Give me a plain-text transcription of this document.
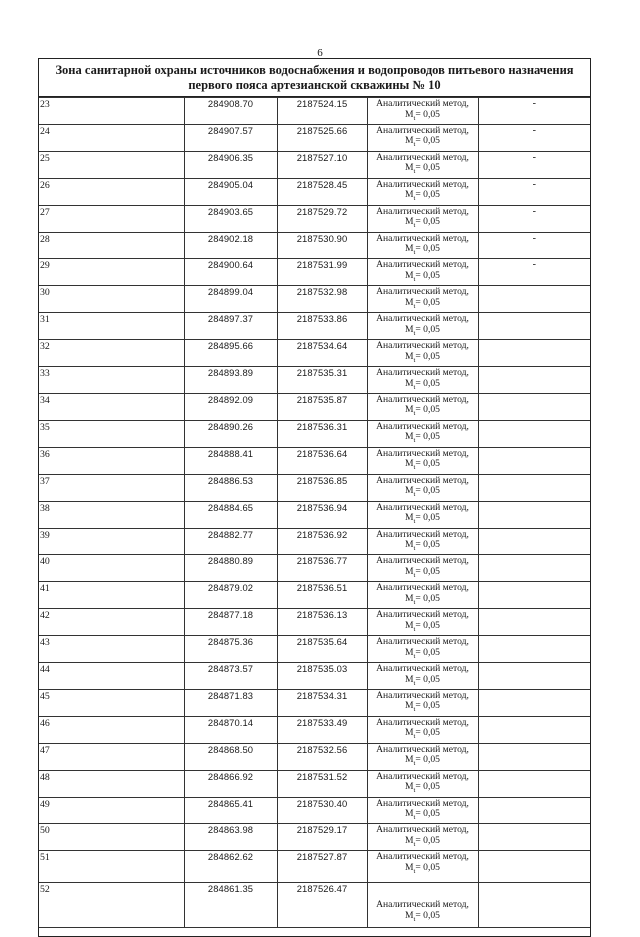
6
Зона санитарной охраны источников водоснабжения и водопроводов питьевого назначения
первого пояса артезианской скважины № 10
23	284908.70	2187524.15	Аналитический метод,
$M_t= 0,05$	-
24	284907.57	2187525.66	Аналитический метод,
$M_t= 0,05$	-
25	284906.35	2187527.10	Аналитический метод,
$M_t= 0,05$	-
26	284905.04	2187528.45	Аналитический метод,
$M_t= 0,05$	-
27	284903.65	2187529.72	Аналитический метод,
$M_t= 0,05$	-
28	284902.18	2187530.90	Аналитический метод,
$M_t= 0,05$	-
29	284900.64	2187531.99	Аналитический метод,
$M_t= 0,05$	-
30	284899.04	2187532.98	Аналитический метод,
$M_t= 0,05$	

31	284897.37	2187533.86	Аналитический метод,
$M_t= 0,05$	

32	284895.66	2187534.64	Аналитический метод,
$M_t= 0,05$	

33	284893.89	2187535.31	Аналитический метод,
$M_t= 0,05$	

34	284892.09	2187535.87	Аналитический метод,
$M_t= 0,05$	

35	284890.26	2187536.31	Аналитический метод,
$M_t= 0,05$	

36	284888.41	2187536.64	Аналитический метод,
$M_t= 0,05$	

37	284886.53	2187536.85	Аналитический метод,
$M_t= 0,05$	

38	284884.65	2187536.94	Аналитический метод,
$M_t= 0,05$	

39	284882.77	2187536.92	Аналитический метод,
$M_t= 0,05$	

40	284880.89	2187536.77	Аналитический метод,
$M_t= 0,05$	

41	284879.02	2187536.51	Аналитический метод,
$M_t= 0,05$	

42	284877.18	2187536.13	Аналитический метод,
$M_t= 0,05$	

43	284875.36	2187535.64	Аналитический метод,
$M_t= 0,05$	

44	284873.57	2187535.03	Аналитический метод,
$M_t= 0,05$	

45	284871.83	2187534.31	Аналитический метод,
$M_t= 0,05$	

46	284870.14	2187533.49	Аналитический метод,
$M_t= 0,05$	

47	284868.50	2187532.56	Аналитический метод,
$M_t= 0,05$	

48	284866.92	2187531.52	Аналитический метод,
$M_t= 0,05$	

49	284865.41	2187530.40	Аналитический метод,
$M_t= 0,05$	

50	284863.98	2187529.17	Аналитический метод,
$M_t= 0,05$	

51	284862.62	2187527.87	Аналитический метод,
$M_t= 0,05$	

52	284861.35	2187526.47	Аналитический метод,
$M_t= 0,05$	
